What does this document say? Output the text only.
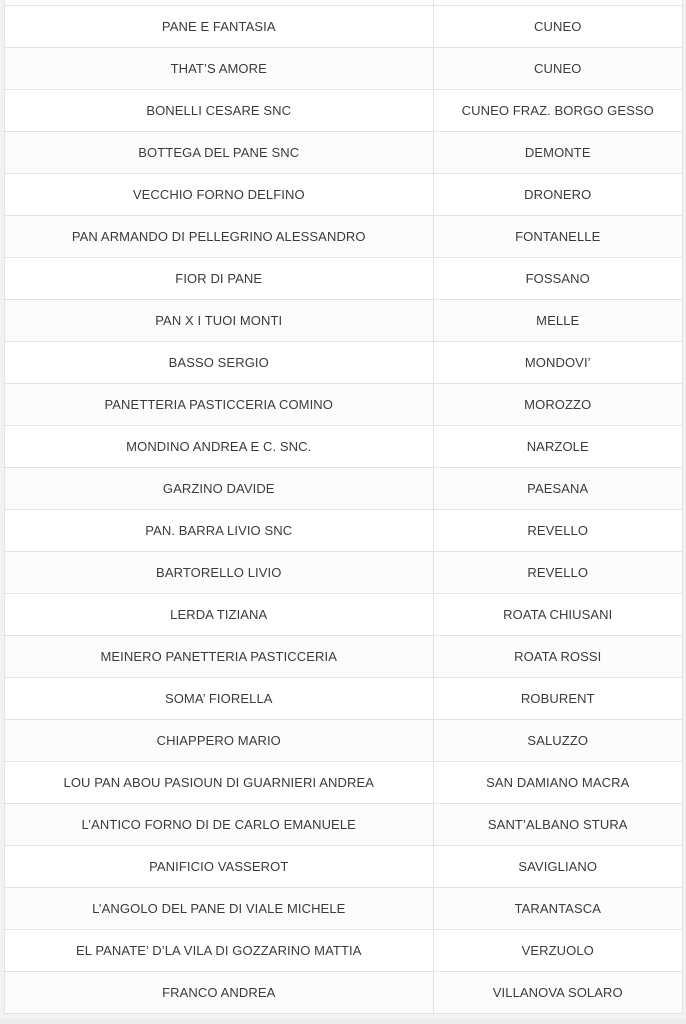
PANE E FANTASIA	CUNEO
THAT’S AMORE	CUNEO
BONELLI CESARE SNC	CUNEO FRAZ. BORGO GESSO
BOTTEGA DEL PANE SNC	DEMONTE
VECCHIO FORNO DELFINO	DRONERO
PAN ARMANDO DI PELLEGRINO ALESSANDRO	FONTANELLE
FIOR DI PANE	FOSSANO
PAN X I TUOI MONTI	MELLE
BASSO SERGIO	MONDOVI’
PANETTERIA PASTICCERIA COMINO	MOROZZO
MONDINO ANDREA E C. SNC.	NARZOLE
GARZINO DAVIDE	PAESANA
PAN. BARRA LIVIO SNC	REVELLO
BARTORELLO LIVIO	REVELLO
LERDA TIZIANA	ROATA CHIUSANI
MEINERO PANETTERIA PASTICCERIA	ROATA ROSSI
SOMA’ FIORELLA	ROBURENT
CHIAPPERO MARIO	SALUZZO
LOU PAN ABOU PASIOUN DI GUARNIERI ANDREA	SAN DAMIANO MACRA
L’ANTICO FORNO DI DE CARLO EMANUELE	SANT’ALBANO STURA
PANIFICIO VASSEROT	SAVIGLIANO
L’ANGOLO DEL PANE DI VIALE MICHELE	TARANTASCA
EL PANATE’ D’LA VILA DI GOZZARINO MATTIA	VERZUOLO
FRANCO ANDREA	VILLANOVA SOLARO
